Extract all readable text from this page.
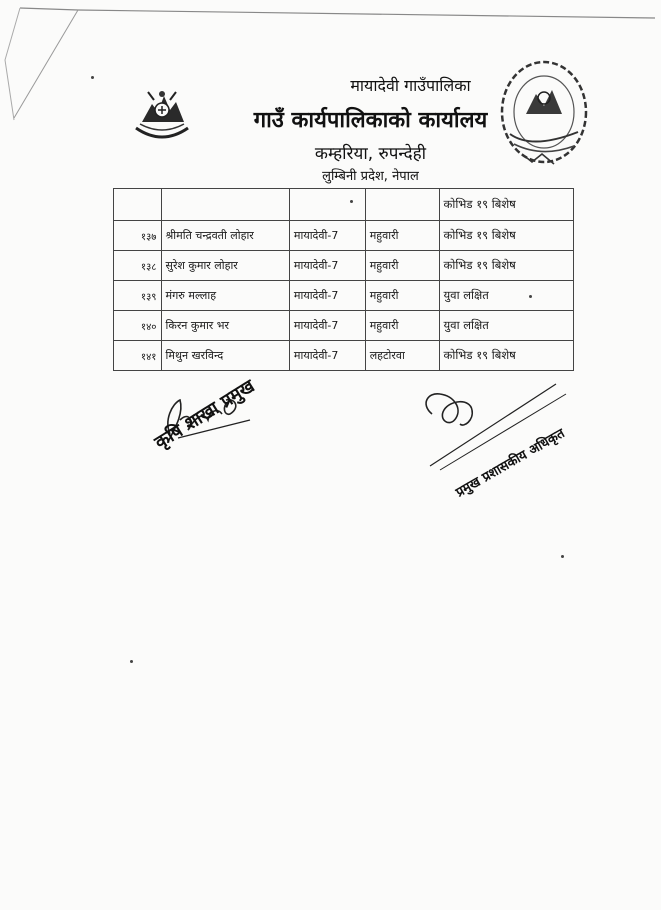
मायादेवी गाउँपालिका
गाउँ कार्यपालिकाको कार्यालय
कम्हरिया, रुपन्देही
लुम्बिनी प्रदेश, नेपाल
				कोभिड १९ बिशेष
१३७	श्रीमति चन्द्रवती लोहार	मायादेवी-7	महुवारी	कोभिड १९ बिशेष
१३८	सुरेश कुमार लोहार	मायादेवी-7	महुवारी	कोभिड १९ बिशेष
१३९	मंगरु मल्लाह	मायादेवी-7	महुवारी	युवा लक्षित
१४०	किरन कुमार भर	मायादेवी-7	महुवारी	युवा लक्षित
१४१	मिथुन खरविन्द	मायादेवी-7	लहटोरवा	कोभिड १९ बिशेष
कृषि शाखा प्रमुख
प्रमुख प्रशासकीय अधिकृत
